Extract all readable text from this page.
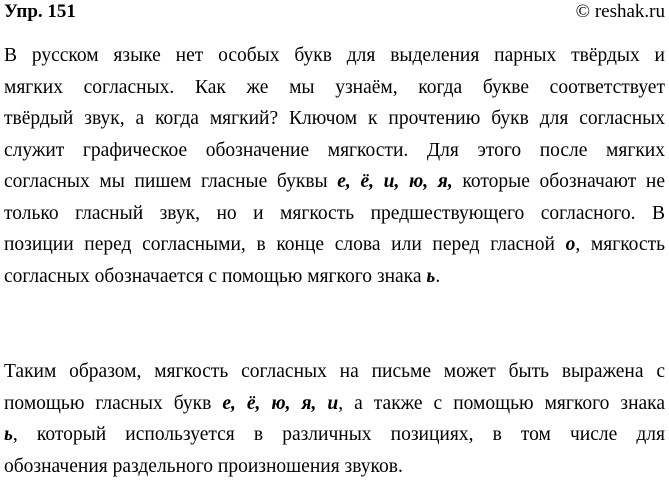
Упр. 151	© reshak.ru
В русском языке нет особых букв для выделения парных твёрдых и
мягких согласных. Как же мы узнаём, когда букве соответствует
твёрдый звук, а когда мягкий? Ключом к прочтению букв для согласных
служит графическое обозначение мягкости. Для этого после мягких
согласных мы пишем гласные буквы е, ё, и, ю, я, которые обозначают не
только гласный звук, но и мягкость предшествующего согласного. В
позиции перед согласными, в конце слова или перед гласной о, мягкость
согласных обозначается с помощью мягкого знака ь.
Таким образом, мягкость согласных на письме может быть выражена с
помощью гласных букв е, ё, ю, я, и, а также с помощью мягкого знака
ь, который используется в различных позициях, в том числе для
обозначения раздельного произношения звуков.
